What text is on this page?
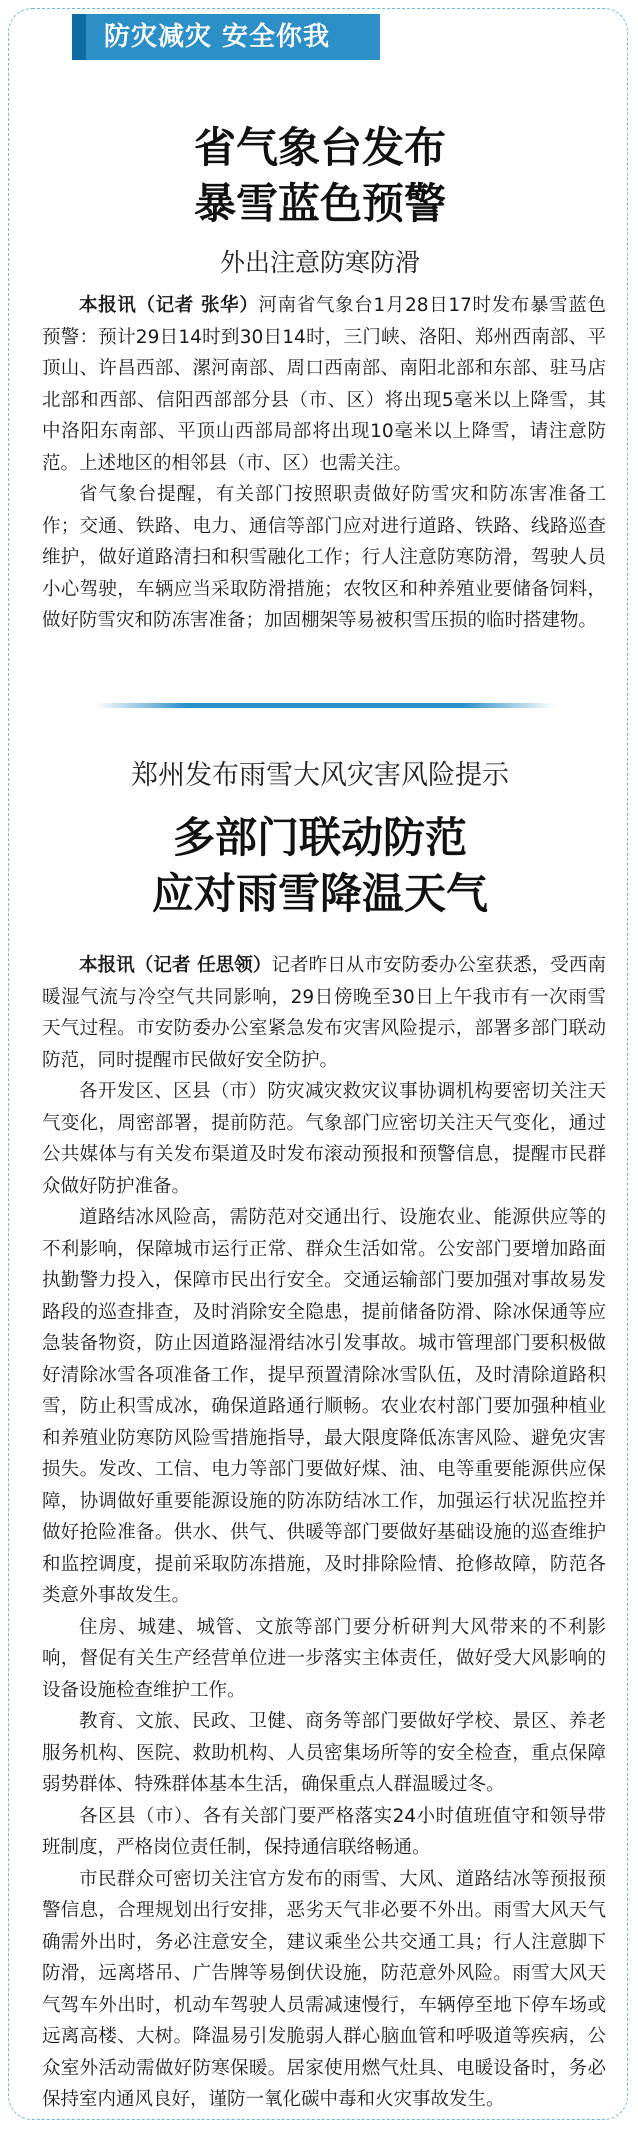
防灾减灾 安全你我

省气象台发布

暴雪蓝色预警

外出注意防寒防滑

本报讯（记者 张华）河南省气象台1月28日17时发布暴雪蓝色预警：预计29日14时到30日14时，三门峡、洛阳、郑州西南部、平顶山、许昌西部、漯河南部、周口西南部、南阳北部和东部、驻马店北部和西部、信阳西部部分县（市、区）将出现5毫米以上降雪，其中洛阳东南部、平顶山西部局部将出现10毫米以上降雪，请注意防范。上述地区的相邻县（市、区）也需关注。

省气象台提醒，有关部门按照职责做好防雪灾和防冻害准备工作；交通、铁路、电力、通信等部门应对进行道路、铁路、线路巡查维护，做好道路清扫和积雪融化工作；行人注意防寒防滑，驾驶人员小心驾驶，车辆应当采取防滑措施；农牧区和种养殖业要储备饲料，做好防雪灾和防冻害准备；加固棚架等易被积雪压损的临时搭建物。

郑州发布雨雪大风灾害风险提示

多部门联动防范

应对雨雪降温天气

本报讯（记者 任思领）记者昨日从市安防委办公室获悉，受西南暖湿气流与冷空气共同影响，29日傍晚至30日上午我市有一次雨雪天气过程。市安防委办公室紧急发布灾害风险提示，部署多部门联动防范，同时提醒市民做好安全防护。

各开发区、区县（市）防灾减灾救灾议事协调机构要密切关注天气变化，周密部署，提前防范。气象部门应密切关注天气变化，通过公共媒体与有关发布渠道及时发布滚动预报和预警信息，提醒市民群众做好防护准备。

道路结冰风险高，需防范对交通出行、设施农业、能源供应等的不利影响，保障城市运行正常、群众生活如常。公安部门要增加路面执勤警力投入，保障市民出行安全。交通运输部门要加强对事故易发路段的巡查排查，及时消除安全隐患，提前储备防滑、除冰保通等应急装备物资，防止因道路湿滑结冰引发事故。城市管理部门要积极做好清除冰雪各项准备工作，提早预置清除冰雪队伍，及时清除道路积雪，防止积雪成冰，确保道路通行顺畅。农业农村部门要加强种植业和养殖业防寒防风险雪措施指导，最大限度降低冻害风险、避免灾害损失。发改、工信、电力等部门要做好煤、油、电等重要能源供应保障，协调做好重要能源设施的防冻防结冰工作，加强运行状况监控并做好抢险准备。供水、供气、供暖等部门要做好基础设施的巡查维护和监控调度，提前采取防冻措施，及时排除险情、抢修故障，防范各类意外事故发生。

住房、城建、城管、文旅等部门要分析研判大风带来的不利影响，督促有关生产经营单位进一步落实主体责任，做好受大风影响的设备设施检查维护工作。

教育、文旅、民政、卫健、商务等部门要做好学校、景区、养老服务机构、医院、救助机构、人员密集场所等的安全检查，重点保障弱势群体、特殊群体基本生活，确保重点人群温暖过冬。

各区县（市）、各有关部门要严格落实24小时值班值守和领导带班制度，严格岗位责任制，保持通信联络畅通。

市民群众可密切关注官方发布的雨雪、大风、道路结冰等预报预警信息，合理规划出行安排，恶劣天气非必要不外出。雨雪大风天气确需外出时，务必注意安全，建议乘坐公共交通工具；行人注意脚下防滑，远离塔吊、广告牌等易倒伏设施，防范意外风险。雨雪大风天气驾车外出时，机动车驾驶人员需减速慢行，车辆停至地下停车场或远离高楼、大树。降温易引发脆弱人群心脑血管和呼吸道等疾病，公众室外活动需做好防寒保暖。居家使用燃气灶具、电暖设备时，务必保持室内通风良好，谨防一氧化碳中毒和火灾事故发生。
